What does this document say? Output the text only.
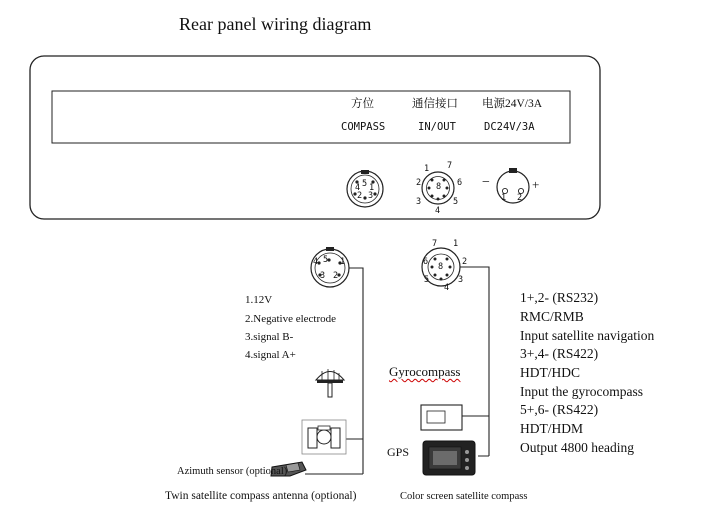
Rear panel wiring diagram
方位
COMPASS
通信接口
IN/OUT
电源24V/3A
DC24V/3A
4 5 1
2 3
1 7
2 8 6
3	5
4
−	+
1 2
4 5 1
3 2
7 1
6 8 2
5	3
4
1.12V
2.Negative electrode
3.signal B-
4.signal A+
1+,2- (RS232)
RMC/RMB
Input satellite navigation
3+,4- (RS422)
HDT/HDC
Input the gyrocompass
5+,6- (RS422)
HDT/HDM
Output 4800 heading
Gyrocompass
GPS
Azimuth sensor (optional)
Twin satellite compass antenna (optional)	Color screen satellite compass
